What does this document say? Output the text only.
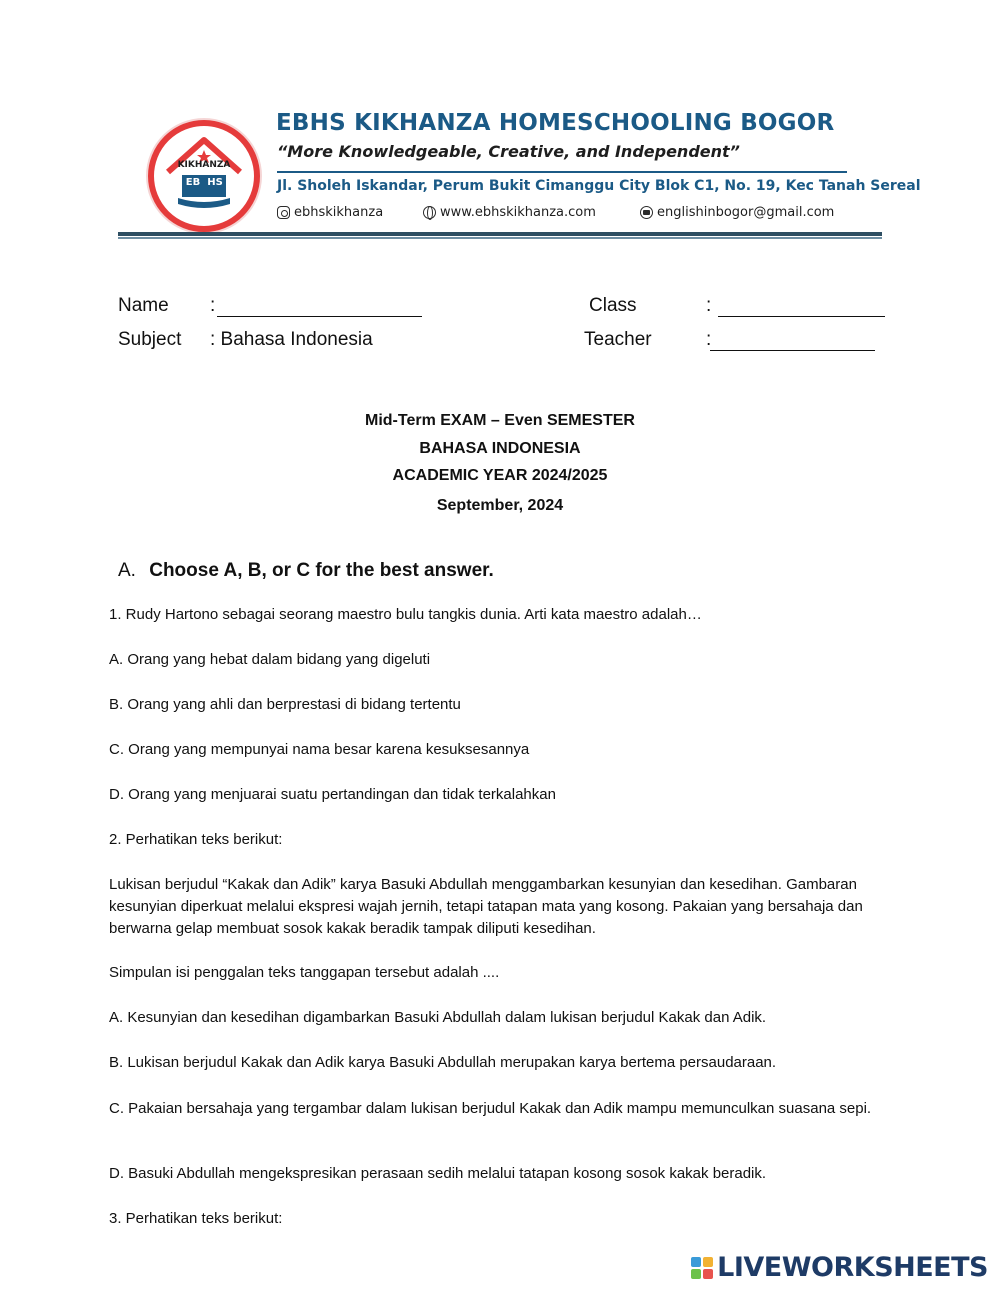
KIKHANZA
EB HS
EBHS KIKHANZA HOMESCHOOLING BOGOR
“More Knowledgeable, Creative, and Independent”
Jl. Sholeh Iskandar, Perum Bukit Cimanggu City Blok C1, No. 19, Kec Tanah Sereal
ebhskikhanza	www.ebhskikhanza.com	englishinbogor@gmail.com
Name :	Class	:
Subject : Bahasa Indonesia	Teacher	:
Mid-Term EXAM – Even SEMESTER
BAHASA INDONESIA
ACADEMIC YEAR 2024/2025
September, 2024
A. Choose A, B, or C for the best answer.
1. Rudy Hartono sebagai seorang maestro bulu tangkis dunia. Arti kata maestro adalah…
A. Orang yang hebat dalam bidang yang digeluti
B. Orang yang ahli dan berprestasi di bidang tertentu
C. Orang yang mempunyai nama besar karena kesuksesannya
D. Orang yang menjuarai suatu pertandingan dan tidak terkalahkan
2. Perhatikan teks berikut:
Lukisan berjudul “Kakak dan Adik” karya Basuki Abdullah menggambarkan kesunyian dan kesedihan. Gambaran kesunyian diperkuat melalui ekspresi wajah jernih, tetapi tatapan mata yang kosong. Pakaian yang bersahaja dan berwarna gelap membuat sosok kakak beradik tampak diliputi kesedihan.
Simpulan isi penggalan teks tanggapan tersebut adalah ....
A. Kesunyian dan kesedihan digambarkan Basuki Abdullah dalam lukisan berjudul Kakak dan Adik.
B. Lukisan berjudul Kakak dan Adik karya Basuki Abdullah merupakan karya bertema persaudaraan.
C. Pakaian bersahaja yang tergambar dalam lukisan berjudul Kakak dan Adik mampu memunculkan suasana sepi.
D. Basuki Abdullah mengekspresikan perasaan sedih melalui tatapan kosong sosok kakak beradik.
3. Perhatikan teks berikut:
LIVEWORKSHEETS
